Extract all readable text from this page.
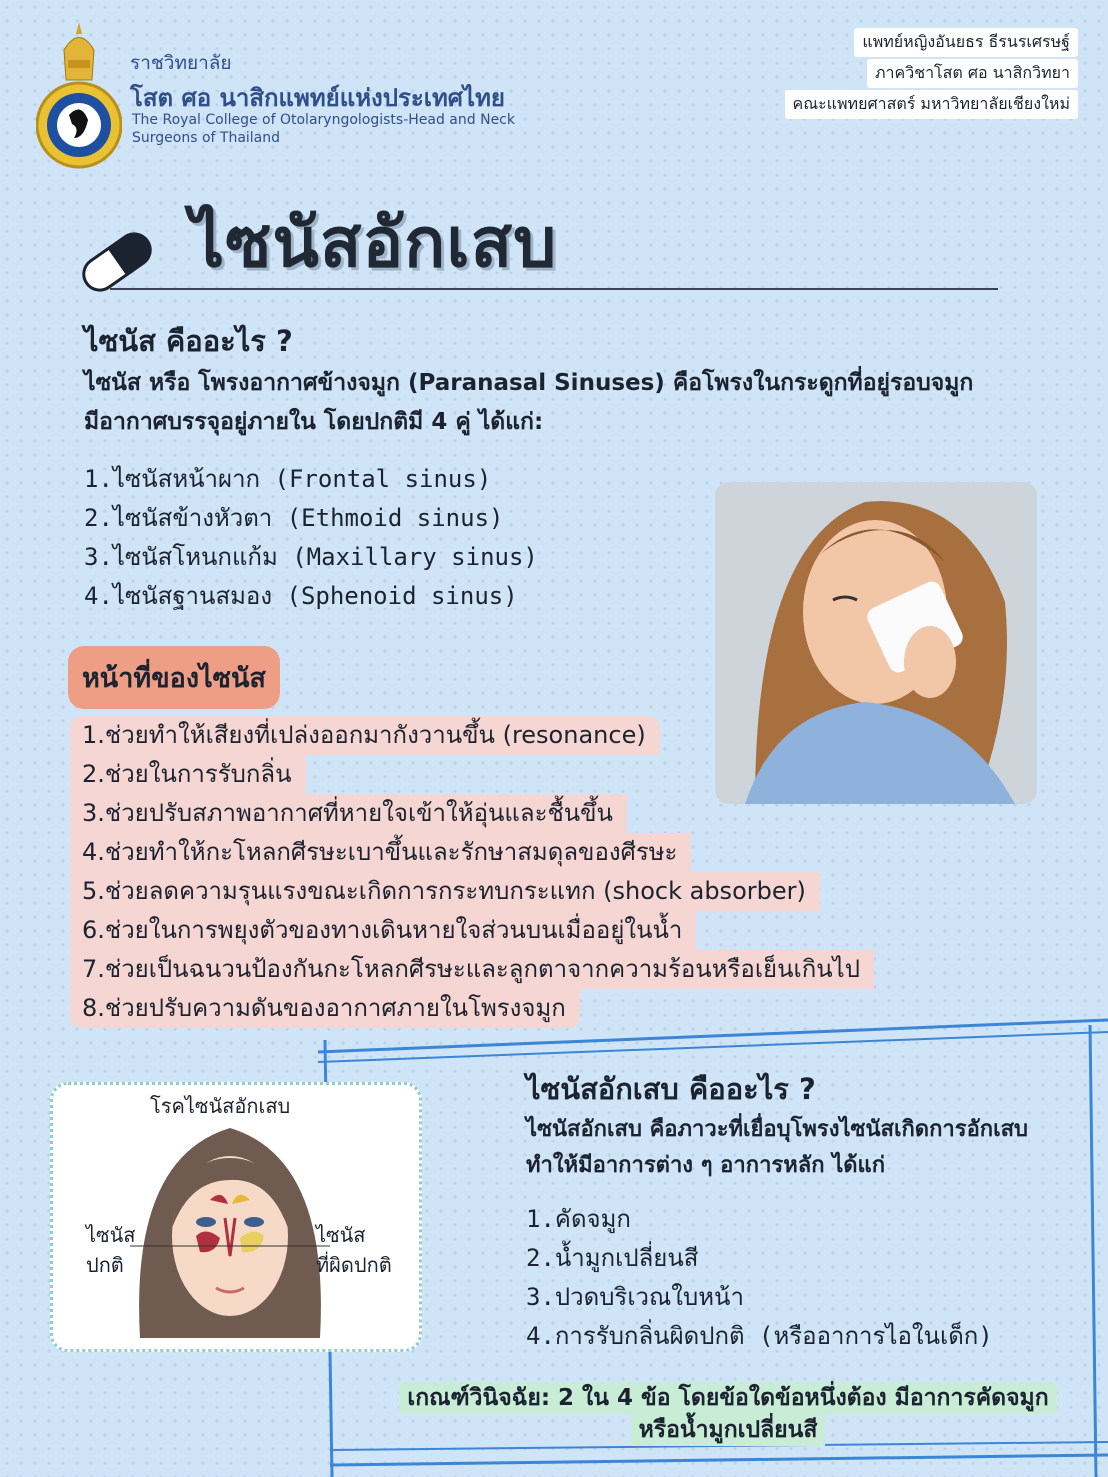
ราชวิทยาลัย
โสต ศอ นาสิกแพทย์แห่งประเทศไทย
The Royal College of Otolaryngologists-Head and Neck
Surgeons of Thailand
แพทย์หญิงอันยธร ธีรนรเศรษฐ์
ภาควิชาโสต ศอ นาสิกวิทยา
คณะแพทยศาสตร์ มหาวิทยาลัยเชียงใหม่
ไซนัสอักเสบ
ไซนัส คืออะไร ?
ไซนัส หรือ โพรงอากาศข้างจมูก (Paranasal Sinuses) คือโพรงในกระดูกที่อยู่รอบจมูก มีอากาศบรรจุอยู่ภายใน โดยปกติมี 4 คู่ ได้แก่:
1.ไซนัสหน้าผาก (Frontal sinus)
2.ไซนัสข้างหัวตา (Ethmoid sinus)
3.ไซนัสโหนกแก้ม (Maxillary sinus)
4.ไซนัสฐานสมอง (Sphenoid sinus)
หน้าที่ของไซนัส
1.ช่วยทำให้เสียงที่เปล่งออกมากังวานขึ้น (resonance)
2.ช่วยในการรับกลิ่น
3.ช่วยปรับสภาพอากาศที่หายใจเข้าให้อุ่นและชื้นขึ้น
4.ช่วยทำให้กะโหลกศีรษะเบาขึ้นและรักษาสมดุลของศีรษะ
5.ช่วยลดความรุนแรงขณะเกิดการกระทบกระแทก (shock absorber)
6.ช่วยในการพยุงตัวของทางเดินหายใจส่วนบนเมื่ออยู่ในน้ำ
7.ช่วยเป็นฉนวนป้องกันกะโหลกศีรษะและลูกตาจากความร้อนหรือเย็นเกินไป
8.ช่วยปรับความดันของอากาศภายในโพรงจมูก
โรคไซนัสอักเสบ
ไซนัส
ปกติ
ไซนัส
ที่ผิดปกติ
ไซนัสอักเสบ คืออะไร ?
ไซนัสอักเสบ คือภาวะที่เยื่อบุโพรงไซนัสเกิดการอักเสบทำให้มีอาการต่าง ๆ อาการหลัก ได้แก่
1.คัดจมูก
2.น้ำมูกเปลี่ยนสี
3.ปวดบริเวณใบหน้า
4.การรับกลิ่นผิดปกติ (หรืออาการไอในเด็ก)
เกณฑ์วินิจฉัย: 2 ใน 4 ข้อ โดยข้อใดข้อหนึ่งต้อง มีอาการคัดจมูก
หรือน้ำมูกเปลี่ยนสี
